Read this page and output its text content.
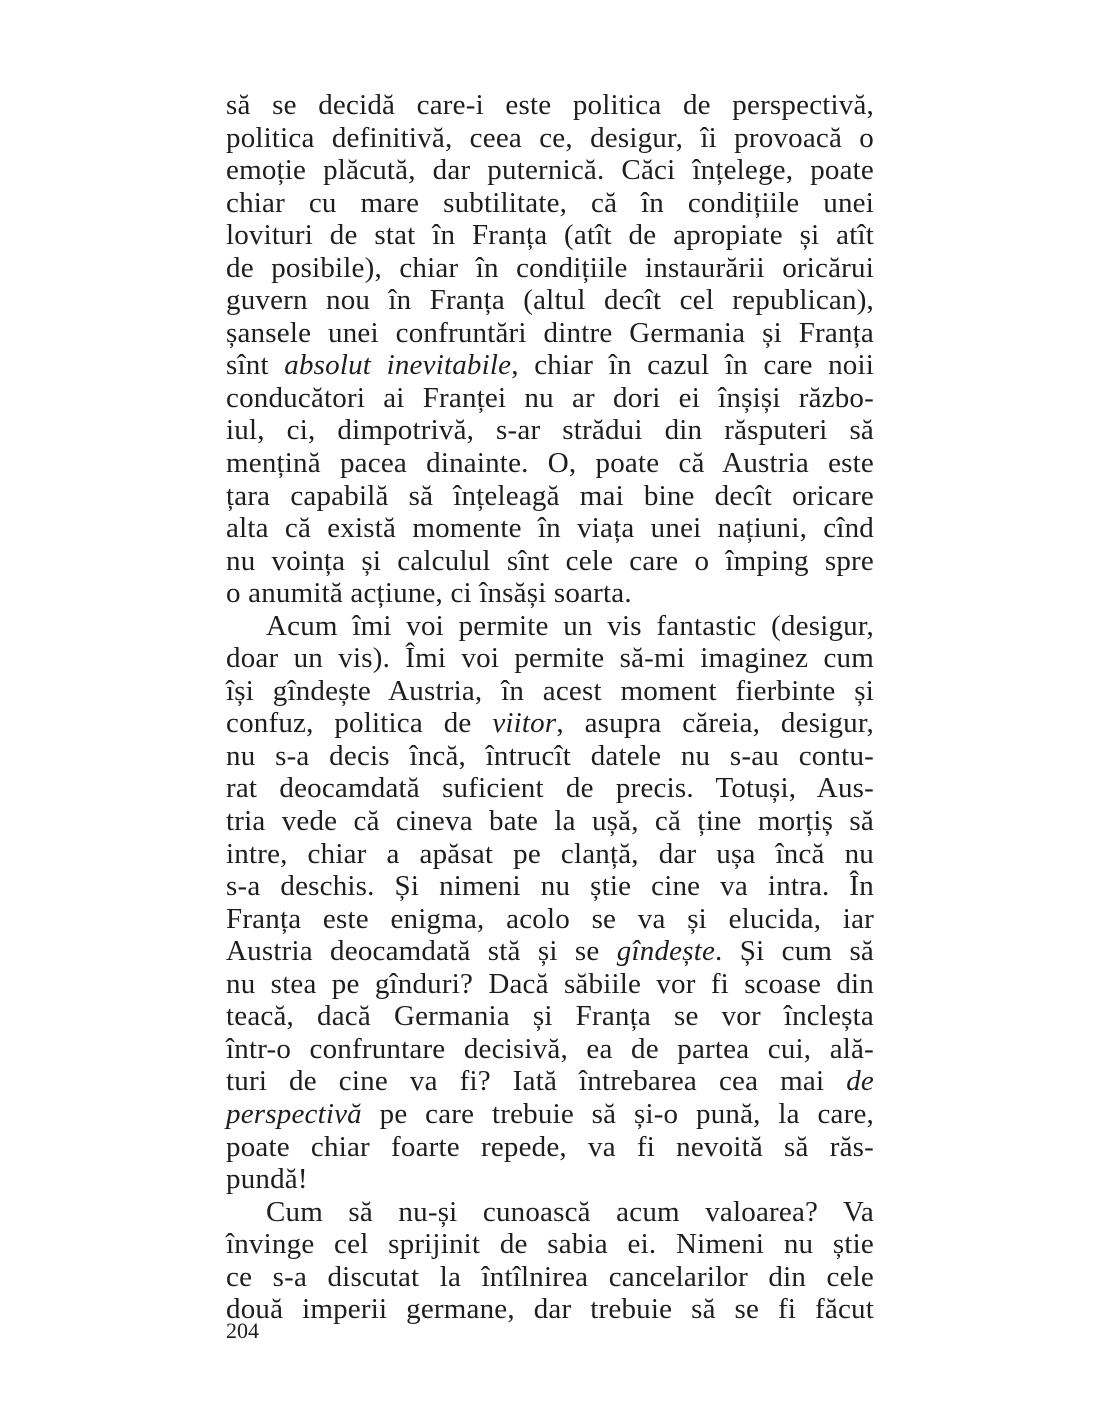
să se decidă care-i este politica de perspectivă,
politica definitivă, ceea ce, desigur, îi provoacă o
emoție plăcută, dar puternică. Căci înțelege, poate
chiar cu mare subtilitate, că în condițiile unei
lovituri de stat în Franța (atît de apropiate și atît
de posibile), chiar în condițiile instaurării oricărui
guvern nou în Franța (altul decît cel republican),
șansele unei confruntări dintre Germania și Franța
sînt absolut inevitabile, chiar în cazul în care noii
conducători ai Franței nu ar dori ei înșiși războ-
iul, ci, dimpotrivă, s-ar strădui din răsputeri să
mențină pacea dinainte. O, poate că Austria este
țara capabilă să înțeleagă mai bine decît oricare
alta că există momente în viața unei națiuni, cînd
nu voința și calculul sînt cele care o împing spre
o anumită acțiune, ci însăși soarta.
Acum îmi voi permite un vis fantastic (desigur,
doar un vis). Îmi voi permite să-mi imaginez cum
își gîndește Austria, în acest moment fierbinte și
confuz, politica de viitor, asupra căreia, desigur,
nu s-a decis încă, întrucît datele nu s-au contu-
rat deocamdată suficient de precis. Totuși, Aus-
tria vede că cineva bate la ușă, că ține morțiș să
intre, chiar a apăsat pe clanță, dar ușa încă nu
s-a deschis. Și nimeni nu știe cine va intra. În
Franța este enigma, acolo se va și elucida, iar
Austria deocamdată stă și se gîndește. Și cum să
nu stea pe gînduri? Dacă săbiile vor fi scoase din
teacă, dacă Germania și Franța se vor încleșta
într-o confruntare decisivă, ea de partea cui, ală-
turi de cine va fi? Iată întrebarea cea mai de
perspectivă pe care trebuie să și-o pună, la care,
poate chiar foarte repede, va fi nevoită să răs-
pundă!
Cum să nu-și cunoască acum valoarea? Va
învinge cel sprijinit de sabia ei. Nimeni nu știe
ce s-a discutat la întîlnirea cancelarilor din cele
două imperii germane, dar trebuie să se fi făcut
204
